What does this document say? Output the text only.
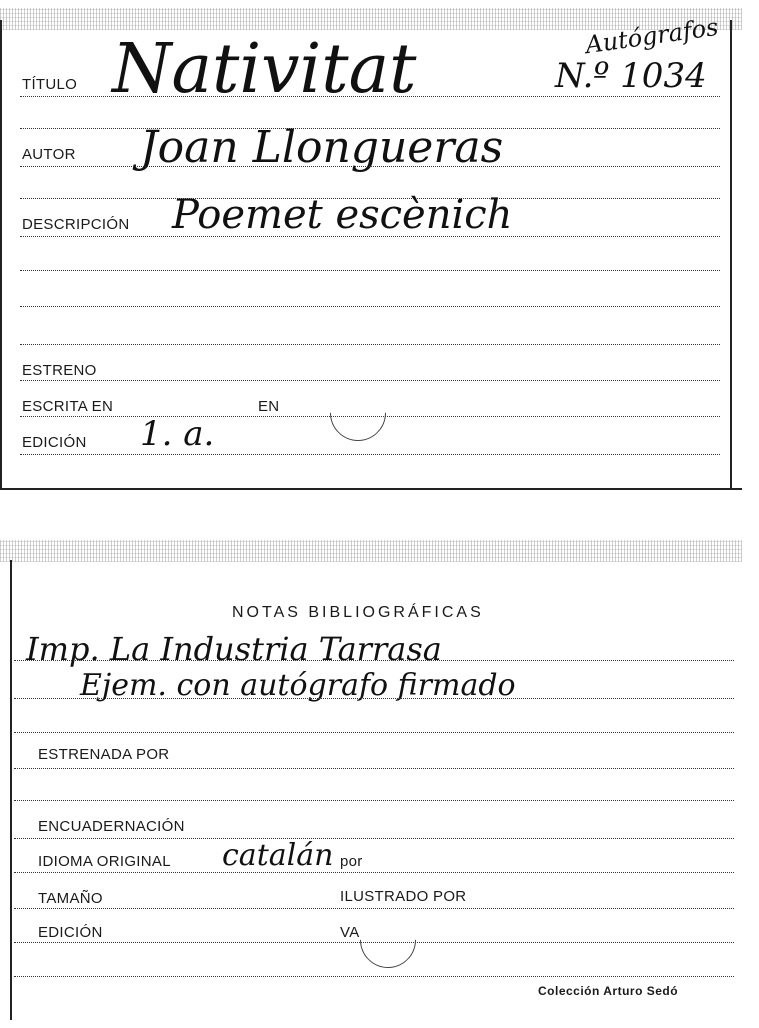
Autógrafos
N.º 1034
TÍTULO Nativitat
AUTOR Joan Llongueras
DESCRIPCIÓN Poemet escènich
ESTRENO
ESCRITA EN	EN
EDICIÓN 1. a.
NOTAS BIBLIOGRÁFICAS
Imp. La Industria Tarrasa
Ejem. con autógrafo firmado
ESTRENADA POR
ENCUADERNACIÓN
IDIOMA ORIGINAL catalán por
TAMAÑO	ILUSTRADO POR
EDICIÓN	VA
Colección Arturo Sedó
